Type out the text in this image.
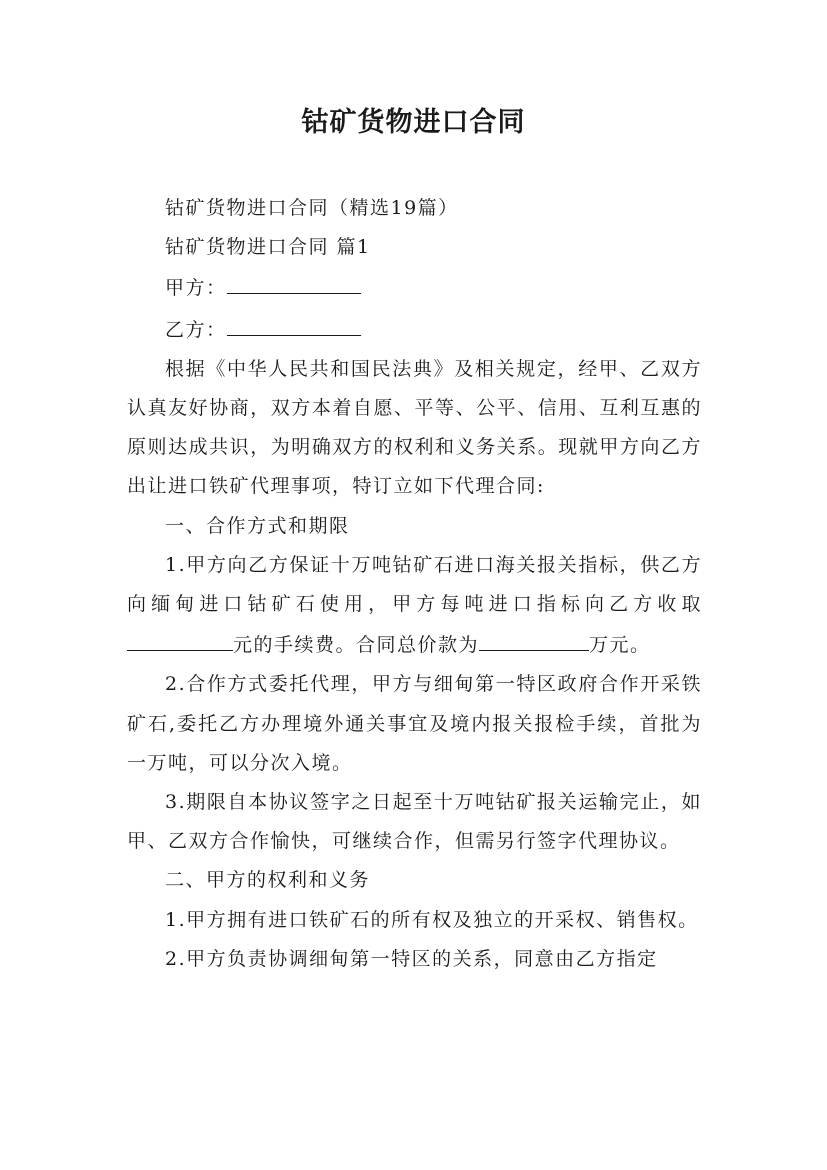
钴矿货物进口合同

钴矿货物进口合同（精选19篇）

钴矿货物进口合同 篇1

甲方：

乙方：

根据《中华人民共和国民法典》及相关规定，经甲、乙双方认真友好协商，双方本着自愿、平等、公平、信用、互利互惠的原则达成共识，为明确双方的权利和义务关系。现就甲方向乙方出让进口铁矿代理事项，特订立如下代理合同:

一、合作方式和期限

1.甲方向乙方保证十万吨钴矿石进口海关报关指标，供乙方向缅甸进口钴矿石使用，甲方每吨进口指标向乙方收取元的手续费。合同总价款为	万元。

2.合作方式委托代理，甲方与细甸第一特区政府合作开采铁矿石,委托乙方办理境外通关事宜及境内报关报检手续，首批为一万吨，可以分次入境。

3.期限自本协议签字之日起至十万吨钴矿报关运输完止，如甲、乙双方合作愉快，可继续合作，但需另行签字代理协议。

二、甲方的权利和义务

1.甲方拥有进口铁矿石的所有权及独立的开采权、销售权。

2.甲方负责协调细甸第一特区的关系，同意由乙方指定
